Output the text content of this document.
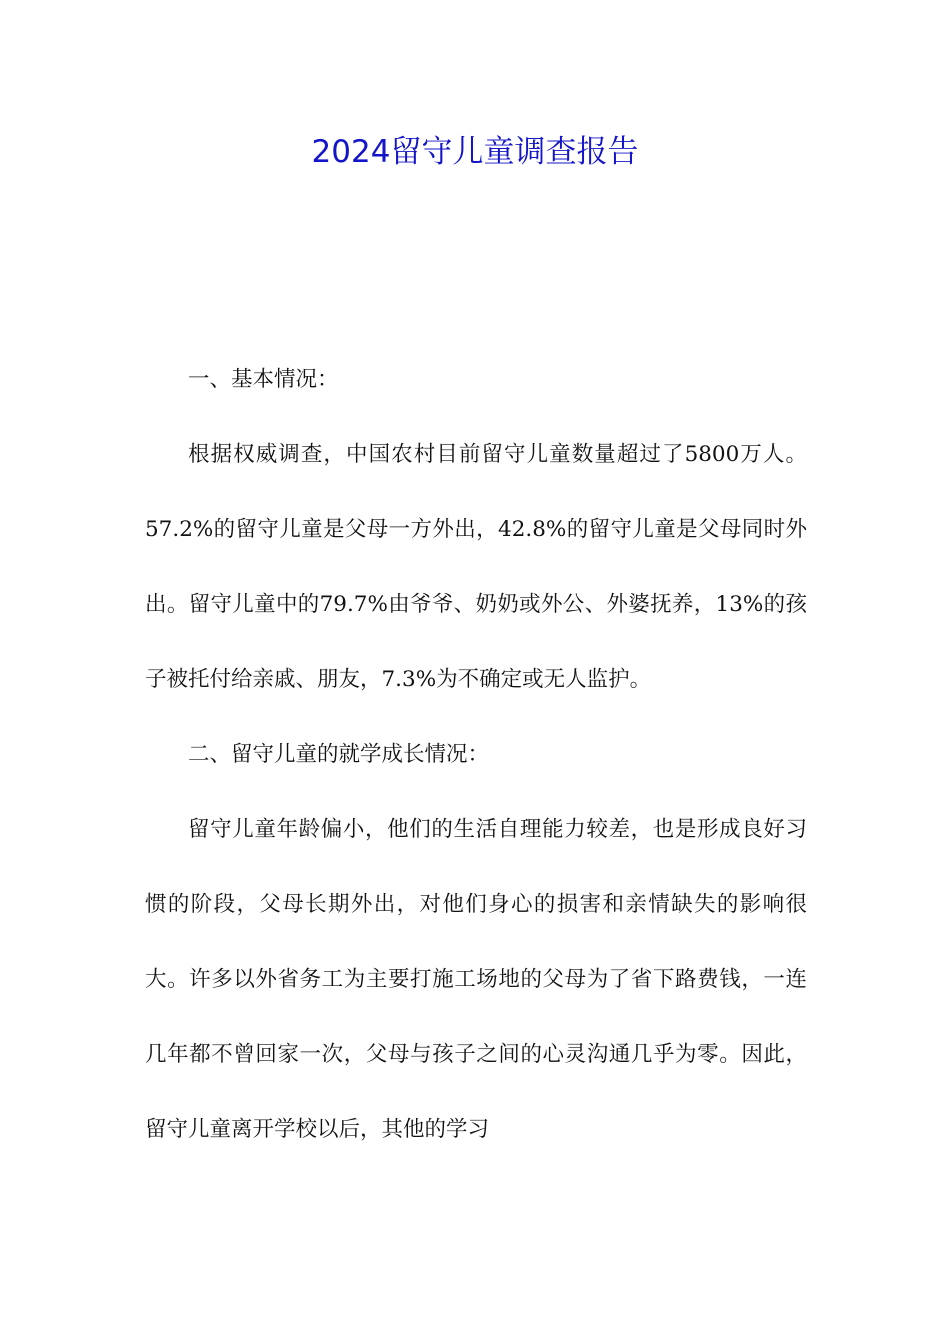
2024留守儿童调查报告

一、基本情况：

根据权威调查，中国农村目前留守儿童数量超过了5800万人。57.2%的留守儿童是父母一方外出，42.8%的留守儿童是父母同时外出。留守儿童中的79.7%由爷爷、奶奶或外公、外婆抚养，13%的孩子被托付给亲戚、朋友，7.3%为不确定或无人监护。

二、留守儿童的就学成长情况：

留守儿童年龄偏小，他们的生活自理能力较差，也是形成良好习惯的阶段，父母长期外出，对他们身心的损害和亲情缺失的影响很大。许多以外省务工为主要打施工场地的父母为了省下路费钱，一连几年都不曾回家一次，父母与孩子之间的心灵沟通几乎为零。因此，留守儿童离开学校以后，其他的学习
